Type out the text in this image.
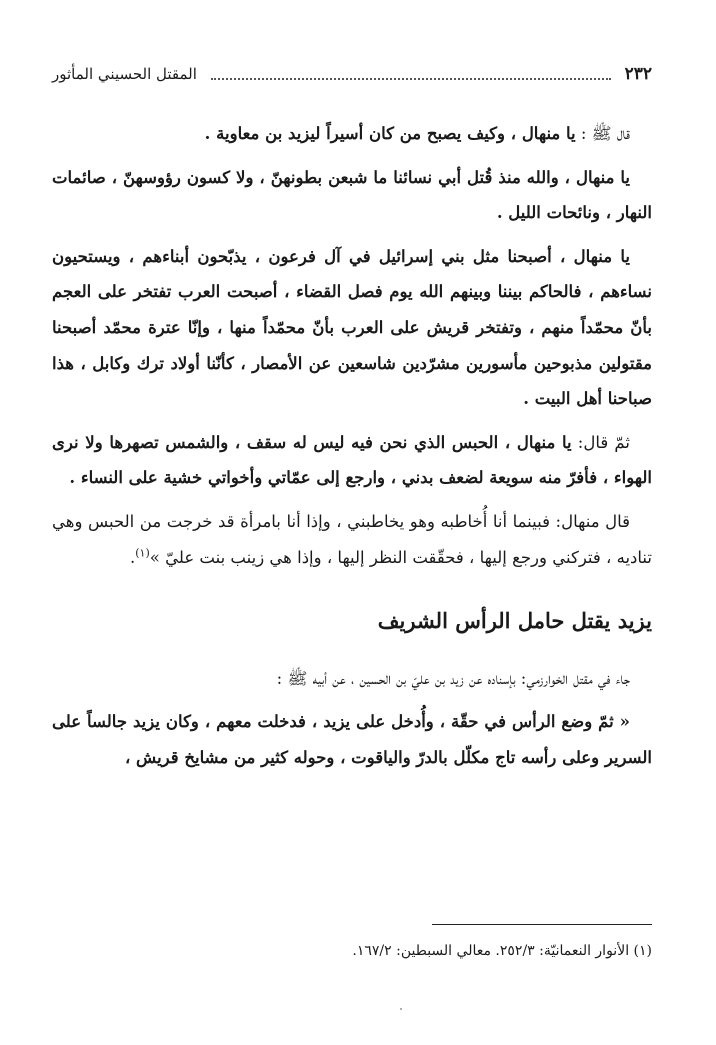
٢٣٢
المقتل الحسيني المأثور

قال ﷺ : يا منهال ، وكيف يصبح من كان أسيراً ليزيد بن معاوية .

يا منهال ، والله منذ قُتل أبي نسائنا ما شبعن بطونهنّ ، ولا كسون رؤوسهنّ ، صائمات النهار ، ونائحات الليل .

يا منهال ، أصبحنا مثل بني إسرائيل في آل فرعون ، يذبّحون أبناءهم ، ويستحيون نساءهم ، فالحاكم بيننا وبينهم الله يوم فصل القضاء ، أصبحت العرب تفتخر على العجم بأنّ محمّداً منهم ، وتفتخر قريش على العرب بأنّ محمّداً منها ، وإنّا عترة محمّد أصبحنا مقتولين مذبوحين مأسورين مشرّدين شاسعين عن الأمصار ، كأنّنا أولاد ترك وكابل ، هذا صباحنا أهل البيت .

ثمّ قال: يا منهال ، الحبس الذي نحن فيه ليس له سقف ، والشمس تصهرها ولا نرى الهواء ، فأفرّ منه سويعة لضعف بدني ، وارجع إلى عمّاتي وأخواتي خشية على النساء .

قال منهال: فبينما أنا أُخاطبه وهو يخاطبني ، وإذا أنا بامرأة قد خرجت من الحبس وهي تناديه ، فتركني ورجع إليها ، فحقّقت النظر إليها ، وإذا هي زينب بنت عليّ »$^{(١)}$.

يزيد يقتل حامل الرأس الشريف

جاء في مقتل الخوارزمي: بإسناده عن زيد بن عليّ بن الحسين ، عن أبيه ﷺ :

« ثمّ وضع الرأس في حقّة ، وأُدخل على يزيد ، فدخلت معهم ، وكان يزيد جالساً على السرير وعلى رأسه تاج مكلّل بالدرّ والياقوت ، وحوله كثير من مشايخ قريش ،

(١) الأنوار النعمانيّة: ٢٥٢/٣. معالي السبطين: ١٦٧/٢.
